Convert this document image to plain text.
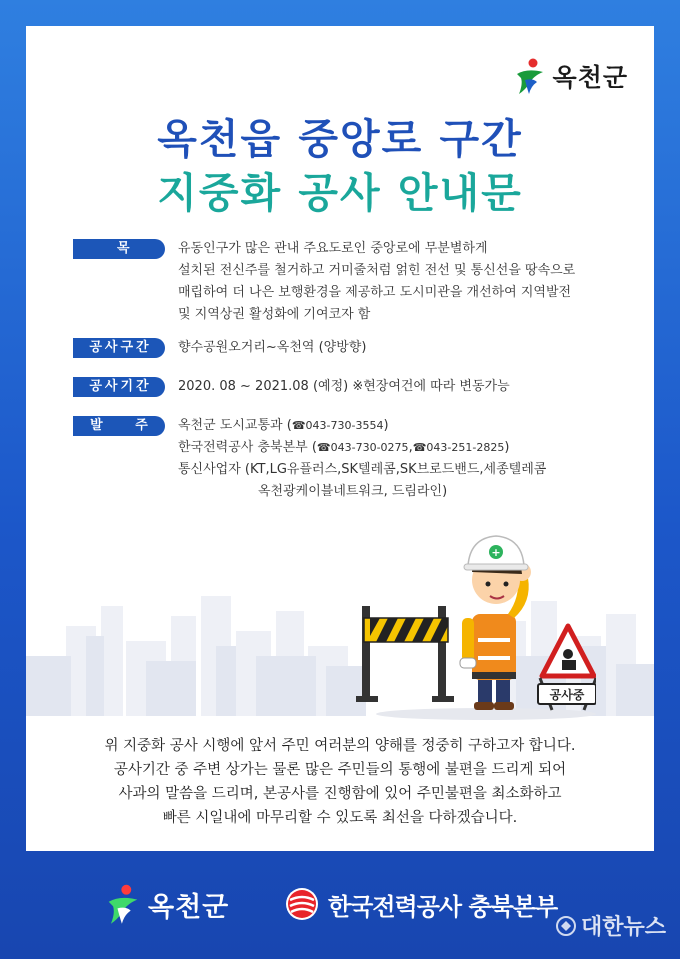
옥천군
옥천읍 중앙로 구간
지중화 공사 안내문
목 적
유동인구가 많은 관내 주요도로인 중앙로에 무분별하게
설치된 전신주를 철거하고 거미줄처럼 얽힌 전선 및 통신선을 땅속으로
매립하여 더 나은 보행환경을 제공하고 도시미관을 개선하여 지역발전
및 지역상권 활성화에 기여코자 함
공사구간	향수공원오거리~옥천역 (양방향)
공사기간	2020. 08 ~ 2021.08 (예정) ※현장여건에 따라 변동가능
발 주 처
옥천군 도시교통과 (☎043-730-3554)
한국전력공사 충북본부 (☎043-730-0275,☎043-251-2825)
통신사업자 (KT,LG유플러스,SK텔레콤,SK브로드밴드,세종텔레콤
옥천광케이블네트워크, 드림라인)
+
공사중
위 지중화 공사 시행에 앞서 주민 여러분의 양해를 정중히 구하고자 합니다.
공사기간 중 주변 상가는 물론 많은 주민들의 통행에 불편을 드리게 되어
사과의 말씀을 드리며, 본공사를 진행함에 있어 주민불편을 최소화하고
빠른 시일내에 마무리할 수 있도록 최선을 다하겠습니다.
옥천군	한국전력공사 충북본부
대한뉴스
